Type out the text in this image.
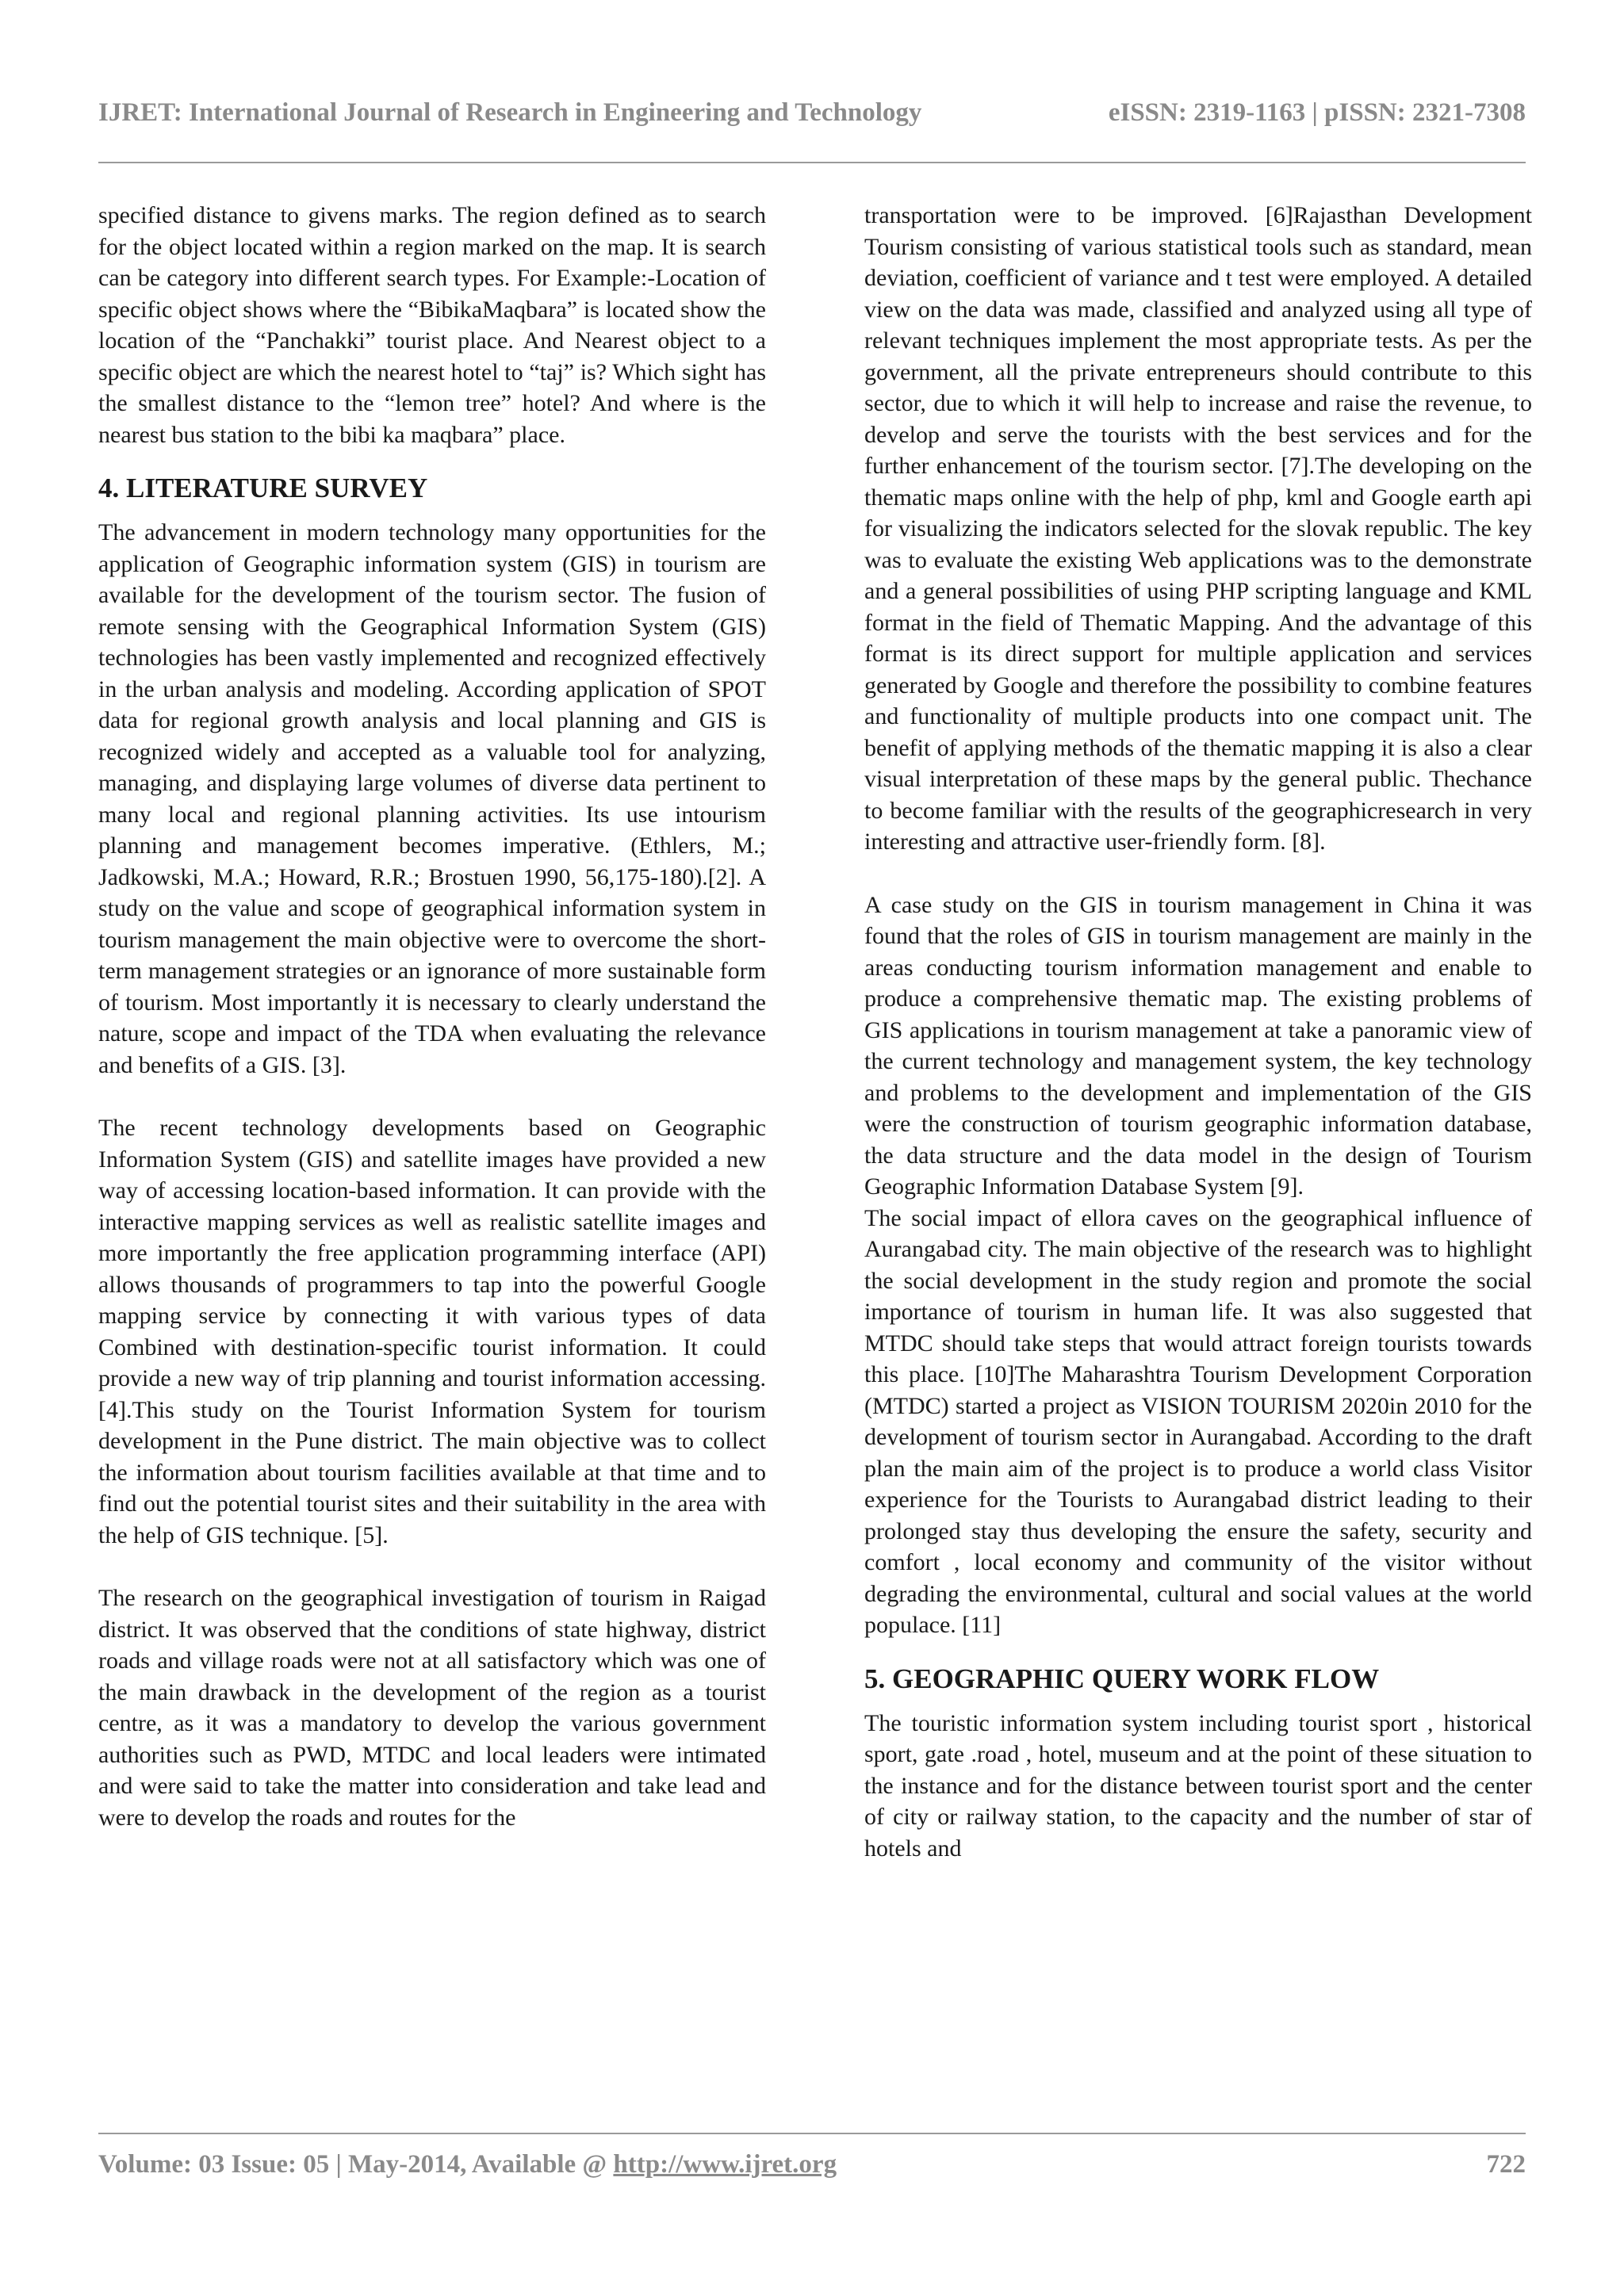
IJRET: International Journal of Research in Engineering and Technology	eISSN: 2319-1163 | pISSN: 2321-7308

specified distance to givens marks. The region defined as to search for the object located within a region marked on the map. It is search can be category into different search types. For Example:-Location of specific object shows where the “BibikaMaqbara” is located show the location of the “Panchakki” tourist place. And Nearest object to a specific object are which the nearest hotel to “taj” is? Which sight has the smallest distance to the “lemon tree” hotel? And where is the nearest bus station to the bibi ka maqbara” place.

4. LITERATURE SURVEY

The advancement in modern technology many opportunities for the application of Geographic information system (GIS) in tourism are available for the development of the tourism sector. The fusion of remote sensing with the Geographical Information System (GIS) technologies has been vastly implemented and recognized effectively in the urban analysis and modeling. According application of SPOT data for regional growth analysis and local planning and GIS is recognized widely and accepted as a valuable tool for analyzing, managing, and displaying large volumes of diverse data pertinent to many local and regional planning activities. Its use intourism planning and management becomes imperative. (Ethlers, M.; Jadkowski, M.A.; Howard, R.R.; Brostuen 1990, 56,175-180).[2]. A study on the value and scope of geographical information system in tourism management the main objective were to overcome the short-term management strategies or an ignorance of more sustainable form of tourism. Most importantly it is necessary to clearly understand the nature, scope and impact of the TDA when evaluating the relevance and benefits of a GIS. [3].

The recent technology developments based on Geographic Information System (GIS) and satellite images have provided a new way of accessing location-based information. It can provide with the interactive mapping services as well as realistic satellite images and more importantly the free application programming interface (API) allows thousands of programmers to tap into the powerful Google mapping service by connecting it with various types of data Combined with destination-specific tourist information. It could provide a new way of trip planning and tourist information accessing. [4].This study on the Tourist Information System for tourism development in the Pune district. The main objective was to collect the information about tourism facilities available at that time and to find out the potential tourist sites and their suitability in the area with the help of GIS technique. [5].

The research on the geographical investigation of tourism in Raigad district. It was observed that the conditions of state highway, district roads and village roads were not at all satisfactory which was one of the main drawback in the development of the region as a tourist centre, as it was a mandatory to develop the various government authorities such as PWD, MTDC and local leaders were intimated and were said to take the matter into consideration and take lead and were to develop the roads and routes for the

transportation were to be improved. [6]Rajasthan Development Tourism consisting of various statistical tools such as standard, mean deviation, coefficient of variance and t test were employed. A detailed view on the data was made, classified and analyzed using all type of relevant techniques implement the most appropriate tests. As per the government, all the private entrepreneurs should contribute to this sector, due to which it will help to increase and raise the revenue, to develop and serve the tourists with the best services and for the further enhancement of the tourism sector. [7].The developing on the thematic maps online with the help of php, kml and Google earth api for visualizing the indicators selected for the slovak republic. The key was to evaluate the existing Web applications was to the demonstrate and a general possibilities of using PHP scripting language and KML format in the field of Thematic Mapping. And the advantage of this format is its direct support for multiple application and services generated by Google and therefore the possibility to combine features and functionality of multiple products into one compact unit. The benefit of applying methods of the thematic mapping it is also a clear visual interpretation of these maps by the general public. Thechance to become familiar with the results of the geographicresearch in very interesting and attractive user-friendly form. [8].

A case study on the GIS in tourism management in China it was found that the roles of GIS in tourism management are mainly in the areas conducting tourism information management and enable to produce a comprehensive thematic map. The existing problems of GIS applications in tourism management at take a panoramic view of the current technology and management system, the key technology and problems to the development and implementation of the GIS were the construction of tourism geographic information database, the data structure and the data model in the design of Tourism Geographic Information Database System [9].

The social impact of ellora caves on the geographical influence of Aurangabad city. The main objective of the research was to highlight the social development in the study region and promote the social importance of tourism in human life. It was also suggested that MTDC should take steps that would attract foreign tourists towards this place. [10]The Maharashtra Tourism Development Corporation (MTDC) started a project as VISION TOURISM 2020in 2010 for the development of tourism sector in Aurangabad. According to the draft plan the main aim of the project is to produce a world class Visitor experience for the Tourists to Aurangabad district leading to their prolonged stay thus developing the ensure the safety, security and comfort , local economy and community of the visitor without degrading the environmental, cultural and social values at the world populace. [11]

5. GEOGRAPHIC QUERY WORK FLOW

The touristic information system including tourist sport , historical sport, gate .road , hotel, museum and at the point of these situation to the instance and for the distance between tourist sport and the center of city or railway station, to the capacity and the number of star of hotels and

Volume: 03 Issue: 05 | May-2014, Available @ http://www.ijret.org	722
